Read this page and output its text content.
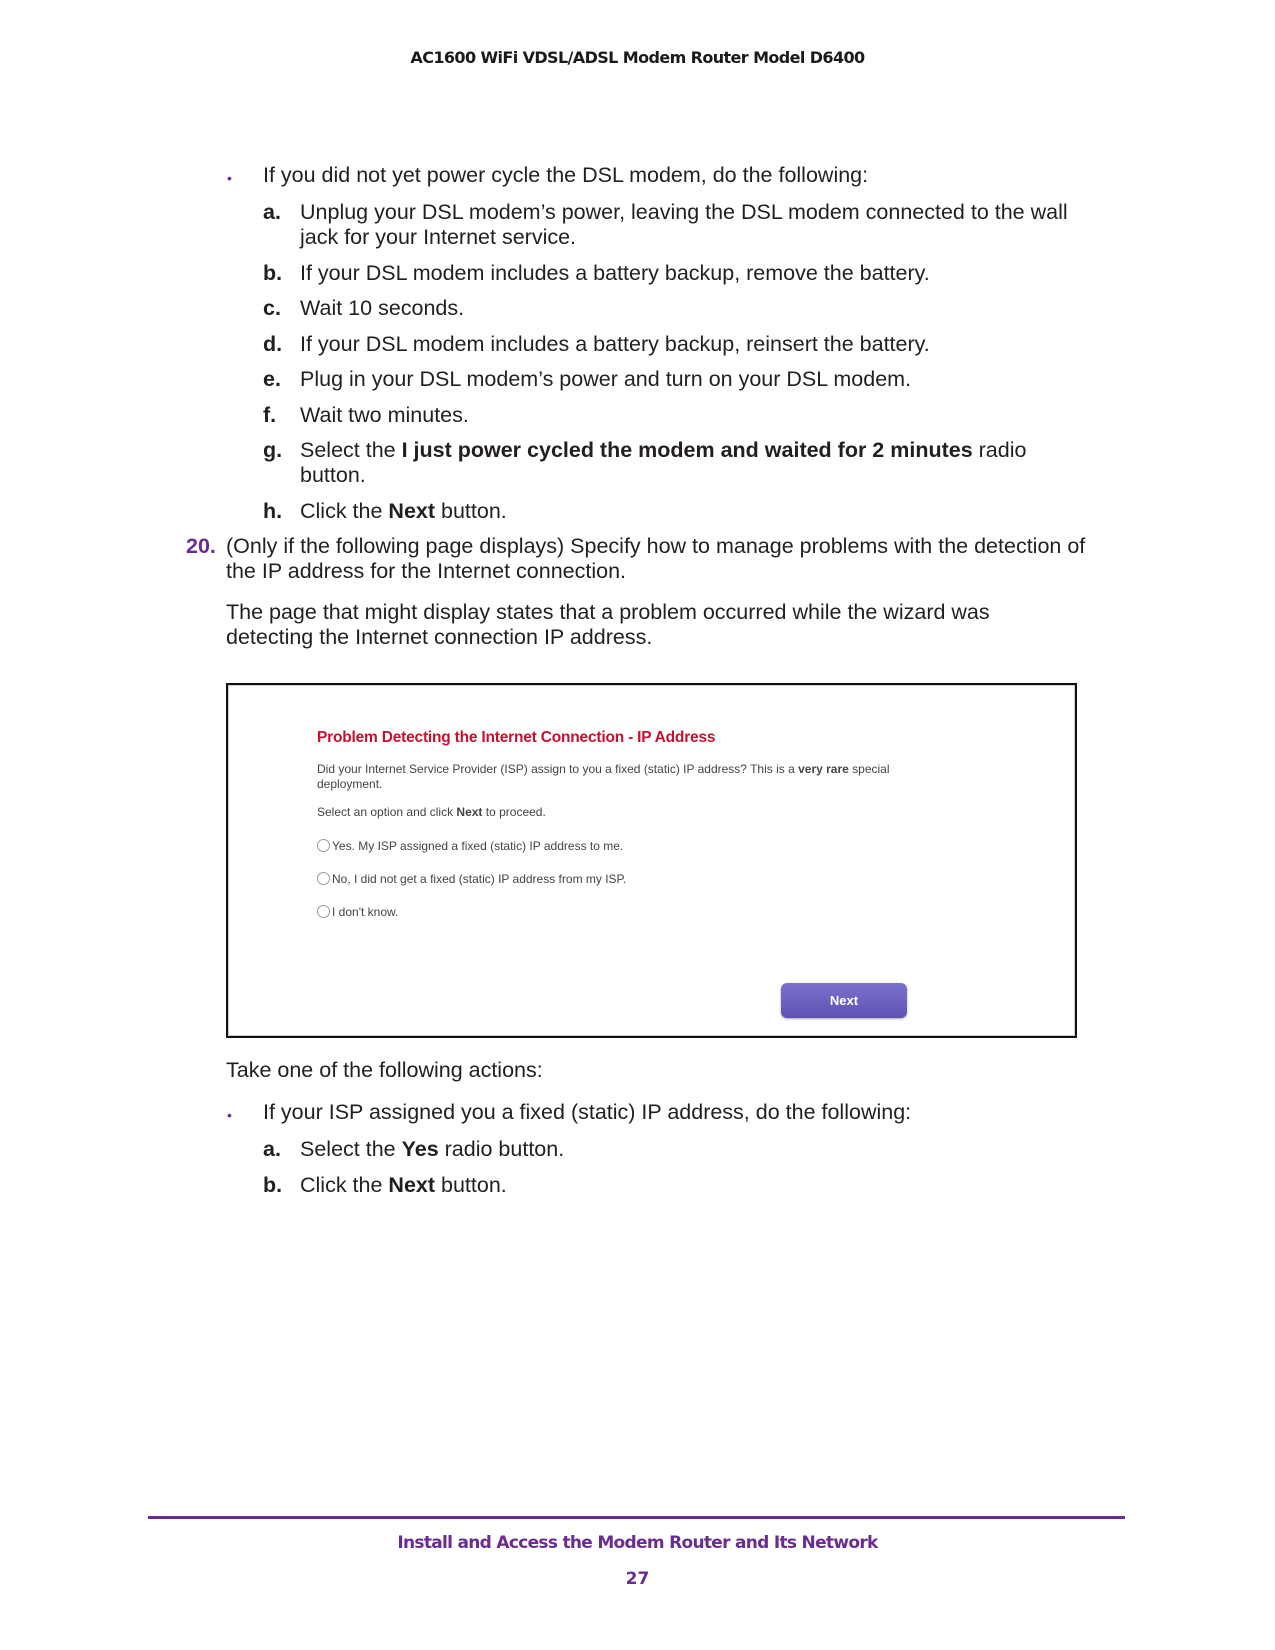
AC1600 WiFi VDSL/ADSL Modem Router Model D6400
• If you did not yet power cycle the DSL modem, do the following:
a. Unplug your DSL modem’s power, leaving the DSL modem connected to the wall
jack for your Internet service.
b. If your DSL modem includes a battery backup, remove the battery.
c. Wait 10 seconds.
d. If your DSL modem includes a battery backup, reinsert the battery.
e. Plug in your DSL modem’s power and turn on your DSL modem.
f. Wait two minutes.
g. Select the I just power cycled the modem and waited for 2 minutes radio
button.
h. Click the Next button.
20. (Only if the following page displays) Specify how to manage problems with the detection of
the IP address for the Internet connection.
The page that might display states that a problem occurred while the wizard was
detecting the Internet connection IP address.
Problem Detecting the Internet Connection - IP Address
Did your Internet Service Provider (ISP) assign to you a fixed (static) IP address? This is a very rare special
deployment.
Select an option and click Next to proceed.
Yes. My ISP assigned a fixed (static) IP address to me.
No, I did not get a fixed (static) IP address from my ISP.
I don't know.
Next
Take one of the following actions:
• If your ISP assigned you a fixed (static) IP address, do the following:
a. Select the Yes radio button.
b. Click the Next button.
Install and Access the Modem Router and Its Network
27
